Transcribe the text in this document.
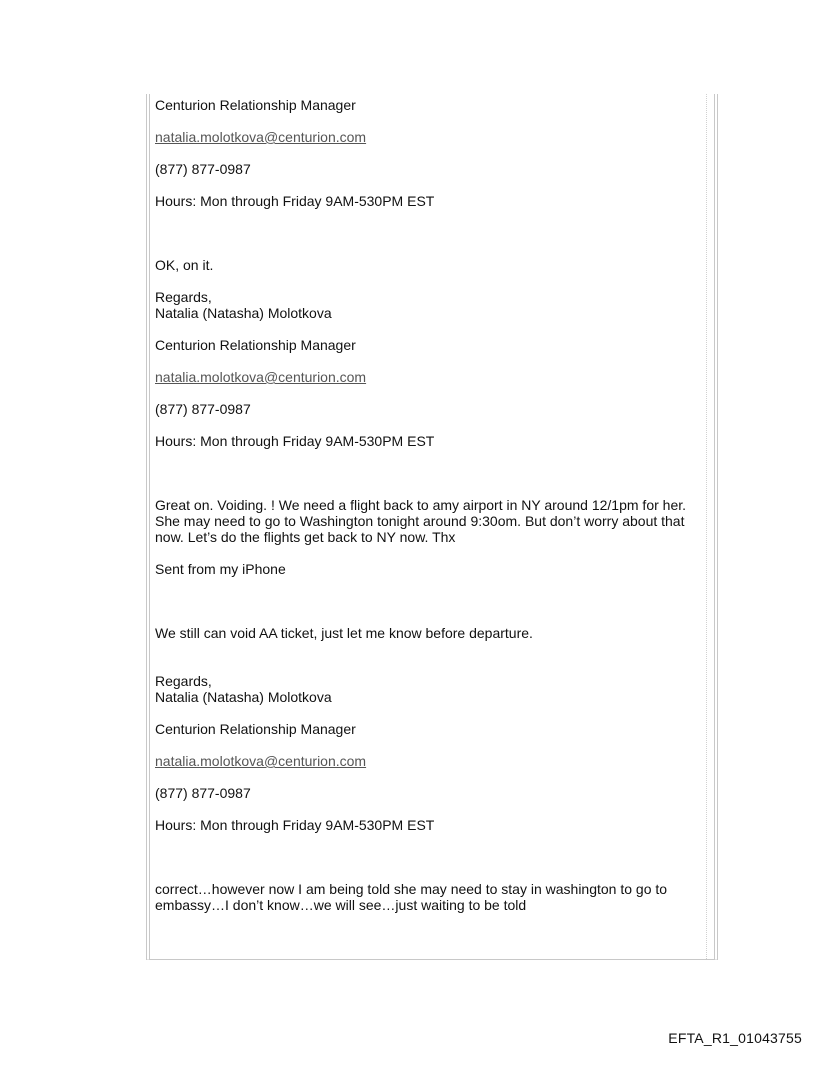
Centurion Relationship Manager
natalia.molotkova@centurion.com
(877) 877-0987
Hours: Mon through Friday 9AM-530PM EST
OK, on it.
Regards,
Natalia (Natasha) Molotkova
Centurion Relationship Manager
natalia.molotkova@centurion.com
(877) 877-0987
Hours: Mon through Friday 9AM-530PM EST
Great on. Voiding. ! We need a flight back to amy airport in NY around 12/1pm for her.
She may need to go to Washington tonight around 9:30om. But don’t worry about that
now. Let’s do the flights get back to NY now. Thx
Sent from my iPhone
We still can void AA ticket, just let me know before departure.
Regards,
Natalia (Natasha) Molotkova
Centurion Relationship Manager
natalia.molotkova@centurion.com
(877) 877-0987
Hours: Mon through Friday 9AM-530PM EST
correct…however now I am being told she may need to stay in washington to go to
embassy…I don’t know…we will see…just waiting to be told
EFTA_R1_01043755
